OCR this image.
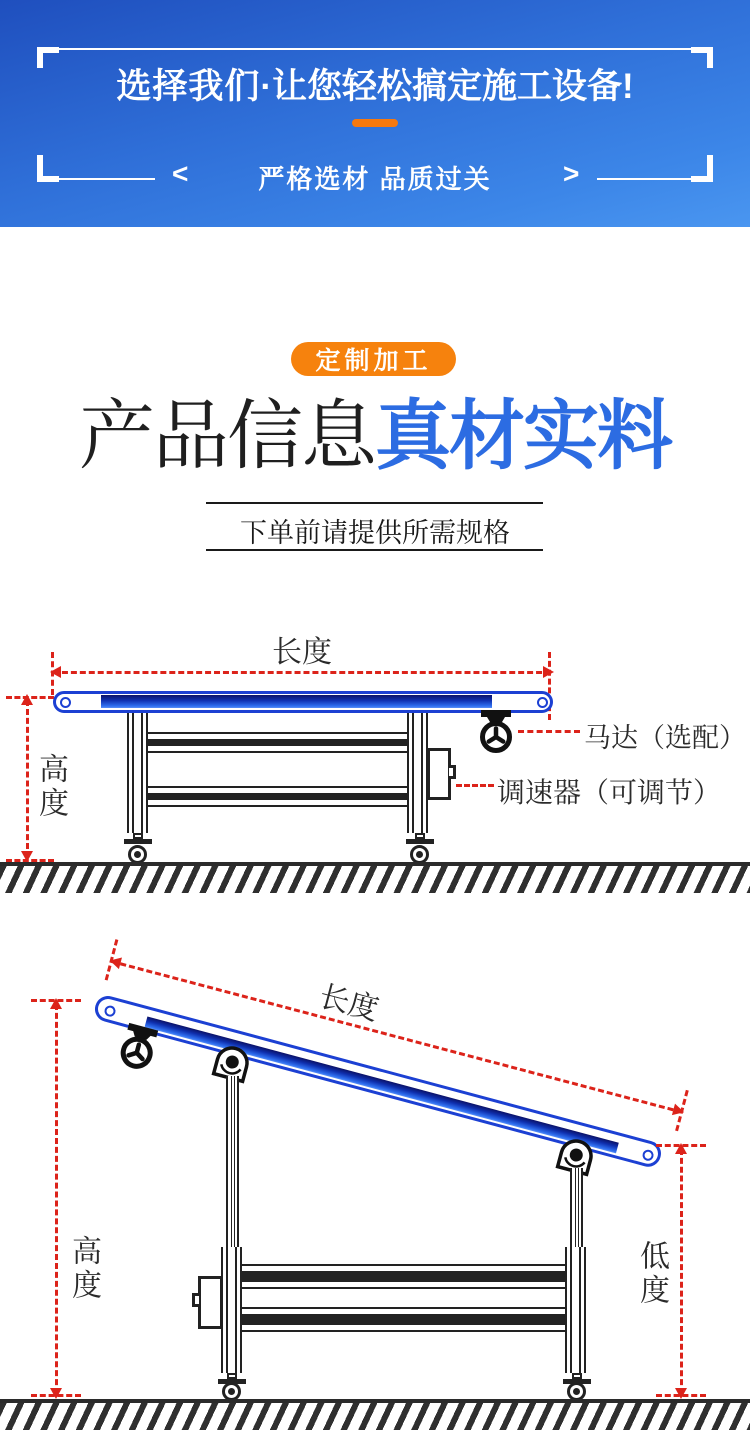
选择我们·让您轻松搞定施工设备!
<	严格选材 品质过关	>
定制加工
产品信息真材实料
下单前请提供所需规格
长度
高度
马达（选配）
调速器（可调节）
长度
高度	低度
